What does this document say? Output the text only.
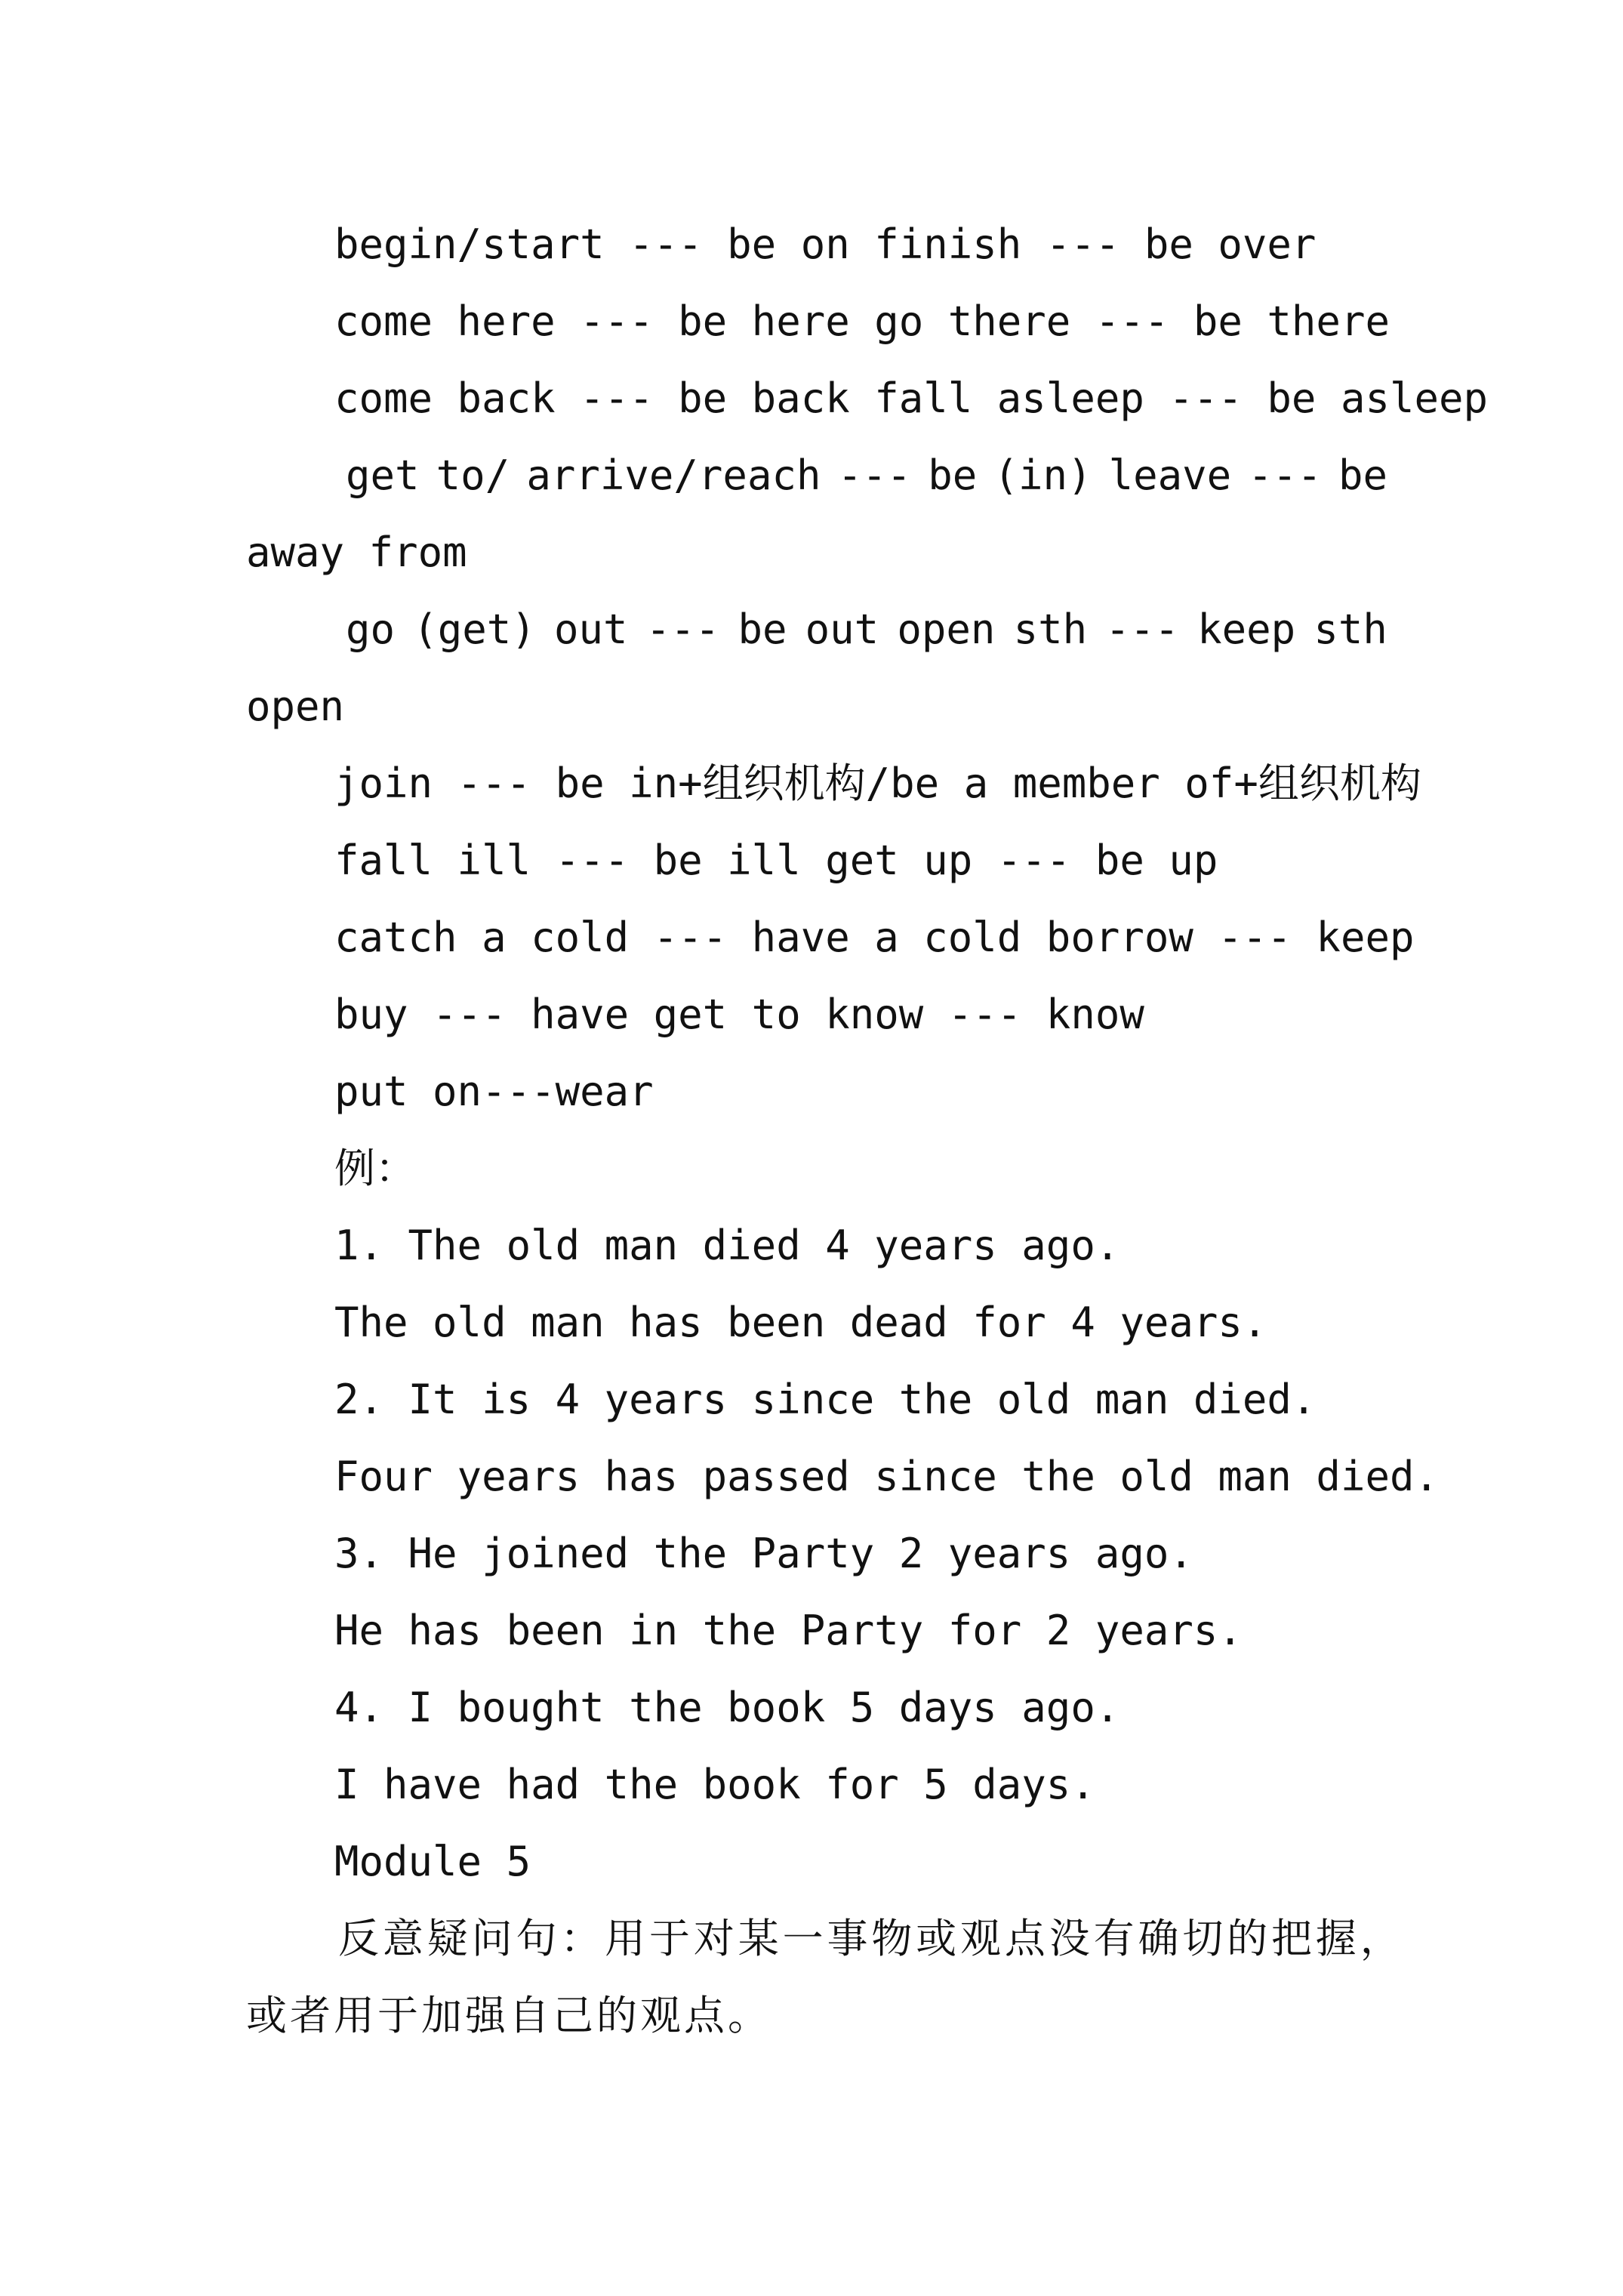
begin/start --- be on finish --- be over
come here --- be here go there --- be there
come back --- be back fall asleep --- be asleep
get to/ arrive/reach --- be (in) leave --- be
away from
go (get) out --- be out open sth --- keep sth
open
join --- be in+组织机构/be a member of+组织机构
fall ill --- be ill get up --- be up
catch a cold --- have a cold borrow --- keep
buy --- have get to know --- know
put on---wear
例：
1. The old man died 4 years ago.
The old man has been dead for 4 years.
2. It is 4 years since the old man died.
Four years has passed since the old man died.
3. He joined the Party 2 years ago.
He has been in the Party for 2 years.
4. I bought the book 5 days ago.
I have had the book for 5 days.
Module 5
反 意 疑 问 句 ： 用 于 对 某 一 事 物 或 观 点 没 有 确 切 的 把 握 ，
或者用于加强自己的观点。
